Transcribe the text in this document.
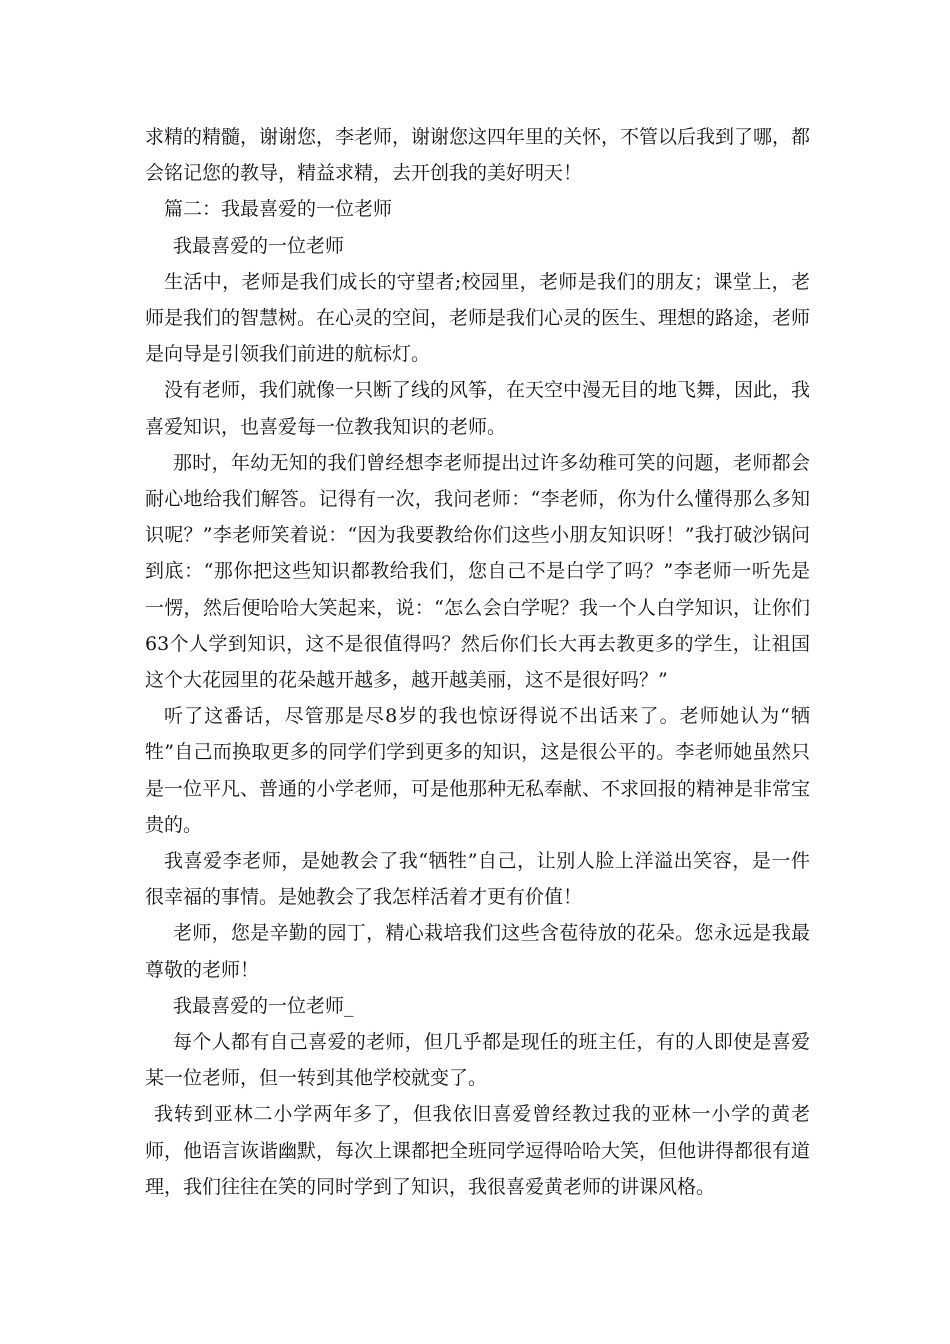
求精的精髓，谢谢您，李老师，谢谢您这四年里的关怀，不管以后我到了哪，都会铭记您的教导，精益求精，去开创我的美好明天！

篇二：我最喜爱的一位老师

我最喜爱的一位老师

生活中，老师是我们成长的守望者;校园里，老师是我们的朋友；课堂上，老师是我们的智慧树。在心灵的空间，老师是我们心灵的医生、理想的路途，老师是向导是引领我们前进的航标灯。

没有老师，我们就像一只断了线的风筝，在天空中漫无目的地飞舞，因此，我喜爱知识，也喜爱每一位教我知识的老师。

那时，年幼无知的我们曾经想李老师提出过许多幼稚可笑的问题，老师都会耐心地给我们解答。记得有一次，我问老师：“李老师，你为什么懂得那么多知识呢？”李老师笑着说：“因为我要教给你们这些小朋友知识呀！”我打破沙锅问到底：“那你把这些知识都教给我们，您自己不是白学了吗？”李老师一听先是一愣，然后便哈哈大笑起来，说：“怎么会白学呢？我一个人白学知识，让你们63个人学到知识，这不是很值得吗？然后你们长大再去教更多的学生，让祖国这个大花园里的花朵越开越多，越开越美丽，这不是很好吗？”

听了这番话，尽管那是尽8岁的我也惊讶得说不出话来了。老师她认为“牺牲”自己而换取更多的同学们学到更多的知识，这是很公平的。李老师她虽然只是一位平凡、普通的小学老师，可是他那种无私奉献、不求回报的精神是非常宝贵的。

我喜爱李老师，是她教会了我“牺牲”自己，让别人脸上洋溢出笑容，是一件很幸福的事情。是她教会了我怎样活着才更有价值！

老师，您是辛勤的园丁，精心栽培我们这些含苞待放的花朵。您永远是我最尊敬的老师！

我最喜爱的一位老师_

每个人都有自己喜爱的老师，但几乎都是现任的班主任，有的人即使是喜爱某一位老师，但一转到其他学校就变了。

我转到亚林二小学两年多了，但我依旧喜爱曾经教过我的亚林一小学的黄老师，他语言诙谐幽默，每次上课都把全班同学逗得哈哈大笑，但他讲得都很有道理，我们往往在笑的同时学到了知识，我很喜爱黄老师的讲课风格。
